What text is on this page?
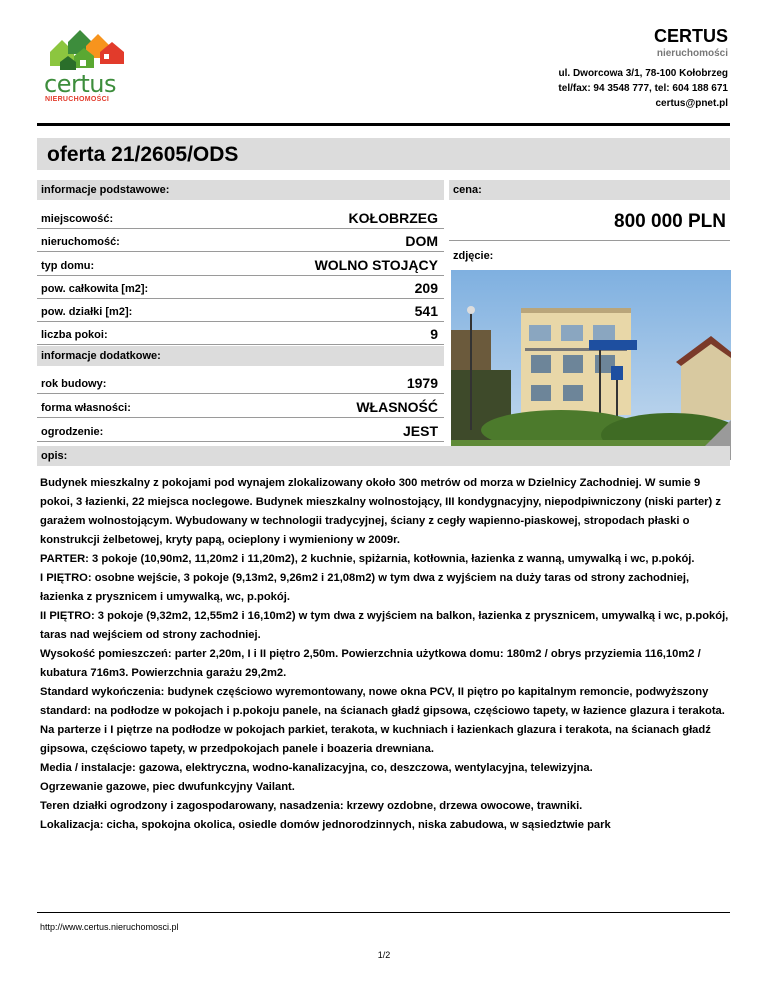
certus
NIERUCHOMOŚCI
CERTUS
nieruchomości
ul. Dworcowa 3/1, 78-100 Kołobrzeg
tel/fax: 94 3548 777, tel: 604 188 671
certus@pnet.pl
oferta 21/2605/ODS
informacje podstawowe:	cena:
miejscowość:	KOŁOBRZEG
nieruchomość:	DOM
typ domu:	WOLNO STOJĄCY
pow. całkowita [m2]:	209
pow. działki [m2]:	541
liczba pokoi:	9
800 000 PLN
zdjęcie:
informacje dodatkowe:
rok budowy:	1979
forma własności:	WŁASNOŚĆ
ogrodzenie:	JEST
opis:

Budynek mieszkalny z pokojami pod wynajem zlokalizowany około 300 metrów od morza w Dzielnicy Zachodniej. W sumie 9 pokoi, 3 łazienki, 22 miejsca noclegowe. Budynek mieszkalny wolnostojący, III kondygnacyjny, niepodpiwniczony (niski parter) z garażem wolnostojącym. Wybudowany w technologii tradycyjnej, ściany z cegły wapienno-piaskowej, stropodach płaski o konstrukcji żelbetowej, kryty papą, ocieplony i wymieniony w 2009r.

PARTER: 3 pokoje (10,90m2, 11,20m2 i 11,20m2), 2 kuchnie, spiżarnia, kotłownia, łazienka z wanną, umywalką i wc, p.pokój.

I PIĘTRO: osobne wejście, 3 pokoje (9,13m2, 9,26m2 i 21,08m2) w tym dwa z wyjściem na duży taras od strony zachodniej, łazienka z prysznicem i umywalką, wc, p.pokój.

II PIĘTRO: 3 pokoje (9,32m2, 12,55m2 i 16,10m2) w tym dwa z wyjściem na balkon, łazienka z prysznicem, umywalką i wc, p.pokój, taras nad wejściem od strony zachodniej.

Wysokość pomieszczeń: parter 2,20m, I i II piętro 2,50m. Powierzchnia użytkowa domu: 180m2 / obrys przyziemia 116,10m2 / kubatura 716m3. Powierzchnia garażu 29,2m2.

Standard wykończenia: budynek częściowo wyremontowany, nowe okna PCV, II piętro po kapitalnym remoncie, podwyższony standard: na podłodze w pokojach i p.pokoju panele, na ścianach gładź gipsowa, częściowo tapety, w łazience glazura i terakota. Na parterze i I piętrze na podłodze w pokojach parkiet, terakota, w kuchniach i łazienkach glazura i terakota, na ścianach gładź gipsowa, częściowo tapety, w przedpokojach panele i boazeria drewniana.

Media / instalacje: gazowa, elektryczna, wodno-kanalizacyjna, co, deszczowa, wentylacyjna, telewizyjna.

Ogrzewanie gazowe, piec dwufunkcyjny Vailant.

Teren działki ogrodzony i zagospodarowany, nasadzenia: krzewy ozdobne, drzewa owocowe, trawniki.

Lokalizacja: cicha, spokojna okolica, osiedle domów jednorodzinnych, niska zabudowa, w sąsiedztwie park

http://www.certus.nieruchomosci.pl
1/2
